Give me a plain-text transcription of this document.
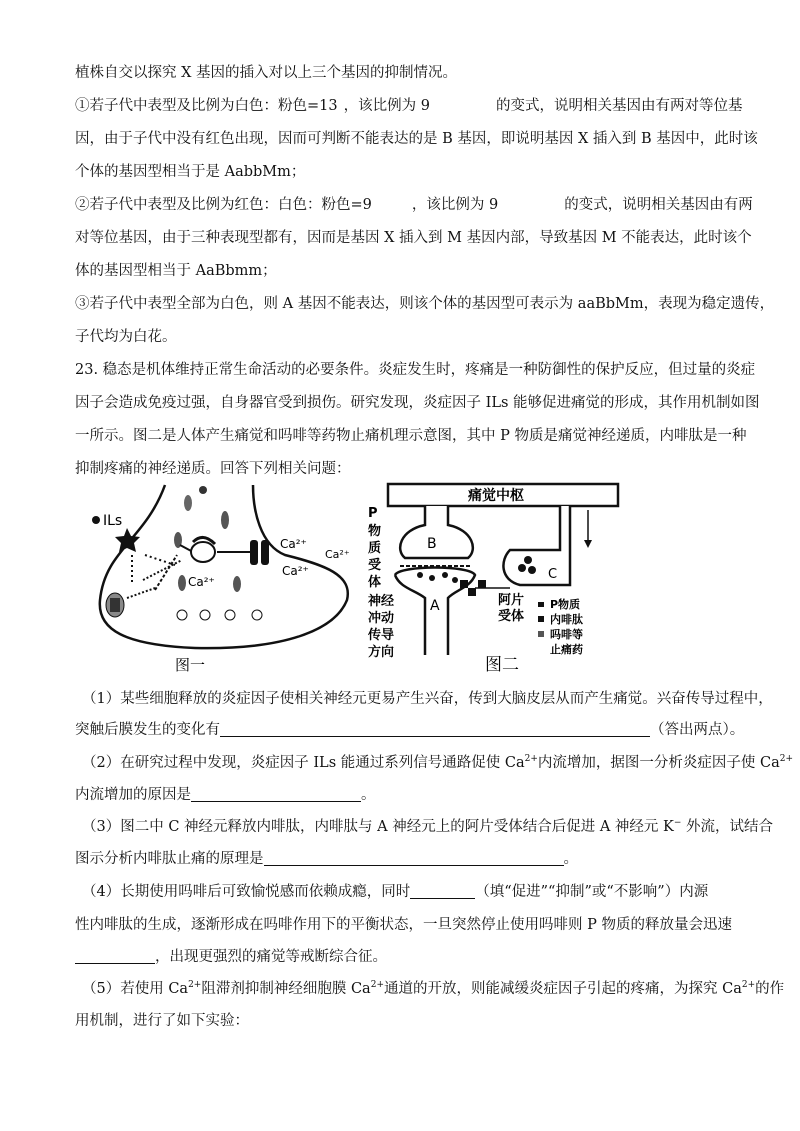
植株自交以探究 X 基因的插入对以上三个基因的抑制情况。
①若子代中表型及比例为白色：粉色=13 ，该比例为 9	的变式，说明相关基因由有两对等位基
因，由于子代中没有红色出现，因而可判断不能表达的是 B 基因，即说明基因 X 插入到 B 基因中，此时该
个体的基因型相当于是 AabbMm；
②若子代中表型及比例为红色：白色：粉色=9	，该比例为 9	的变式，说明相关基因由有两
对等位基因，由于三种表现型都有，因而是基因 X 插入到 M 基因内部，导致基因 M 不能表达，此时该个
体的基因型相当于 AaBbmm；
③若子代中表型全部为白色，则 A 基因不能表达，则该个体的基因型可表示为 aaBbMm，表现为稳定遗传，
子代均为白花。
23. 稳态是机体维持正常生命活动的必要条件。炎症发生时，疼痛是一种防御性的保护反应，但过量的炎症
因子会造成免疫过强，自身器官受到损伤。研究发现，炎症因子 ILs 能够促进痛觉的形成，其作用机制如图
一所示。图二是人体产生痛觉和吗啡等药物止痛机理示意图，其中 P 物质是痛觉神经递质，内啡肽是一种
抑制疼痛的神经递质。回答下列相关问题：
ILs
Ca²⁺
Ca²⁺
Ca²⁺
Ca²⁺
图一
痛觉中枢
P
物
质
受
体
B
A
神经
冲动
传导
方向
阿片
受体
C
P物质
内啡肽
吗啡等
止痛药
图二
（1）某些细胞释放的炎症因子使相关神经元更易产生兴奋，传到大脑皮层从而产生痛觉。兴奋传导过程中，
突触后膜发生的变化有	（答出两点）。
（2）在研究过程中发现，炎症因子 ILs 能通过系列信号通路促使 $Ca^{2+}$内流增加，据图一分析炎症因子使 $Ca^{2+}$
内流增加的原因是	。
（3）图二中 C 神经元释放内啡肽，内啡肽与 A 神经元上的阿片受体结合后促进 A 神经元 K− 外流，试结合
图示分析内啡肽止痛的原理是	。
（4）长期使用吗啡后可致愉悦感而依赖成瘾，同时	（填“促进”“抑制”或“不影响”）内源
性内啡肽的生成，逐渐形成在吗啡作用下的平衡状态，一旦突然停止使用吗啡则 P 物质的释放量会迅速
，出现更强烈的痛觉等戒断综合征。
（5）若使用 $Ca^{2+}$阻滞剂抑制神经细胞膜 $Ca^{2+}$通道的开放，则能减缓炎症因子引起的疼痛，为探究 $Ca^{2+}$的作
用机制，进行了如下实验：
